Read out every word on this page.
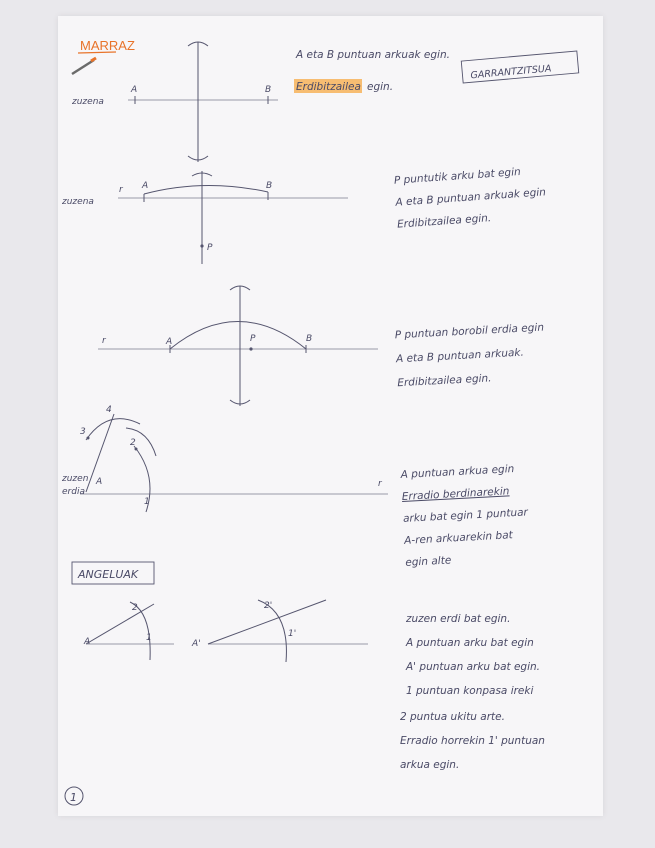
MARRAZ
zuzena
A	B
A eta B puntuan arkuak egin.
Erdibitzailea egin.
GARRANTZITSUA
zuzena
r A	B
P
P puntutik arku bat egin
A eta B puntuan arkuak egin
Erdibitzailea egin.
r	A	P	B	P puntuan borobil erdia egin
A eta B puntuan arkuak.
Erdibitzailea egin.
zuzen
erdia
A	r
1
2
3
4
A puntuan arkua egin
Erradio berdinarekin
arku bat egin 1 puntuar
A-ren arkuarekin bat
egin alte
ANGELUAK
A	1
2
A'
1'
2'
zuzen erdi bat egin.
A puntuan arku bat egin
A' puntuan arku bat egin.
1 puntuan konpasa ireki
2 puntua ukitu arte.
Erradio horrekin 1' puntuan
arkua egin.
1
